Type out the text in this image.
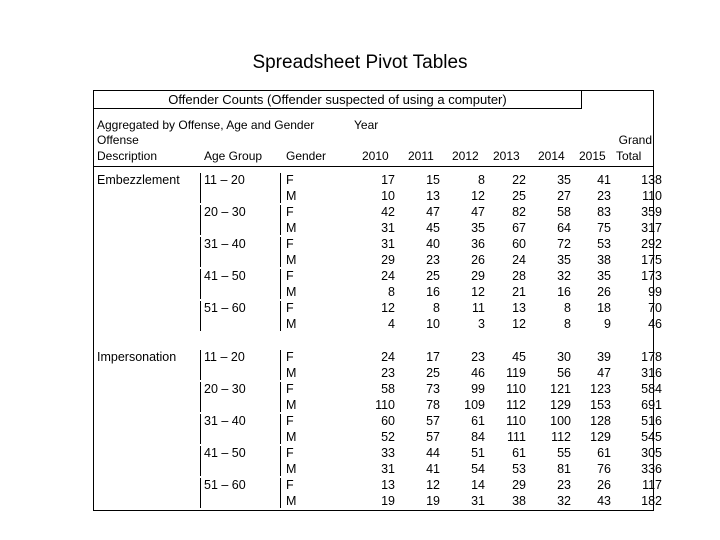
Spreadsheet Pivot Tables
Offender Counts (Offender suspected of using a computer)
Aggregated by Offense, Age and Gender
Offense
Description	Age Group Gender
Year
2010 2011 2012 2013 2014 2015
Grand
Total
Embezzlement 11 – 20	F	17	15	8	22	35	41	138
M	10	13	12	25	27	23	110
20 – 30	F	42	47	47	82	58	83	359
M	31	45	35	67	64	75	317
31 – 40	F	31	40	36	60	72	53	292
M	29	23	26	24	35	38	175
41 – 50	F	24	25	29	28	32	35	173
M	8	16	12	21	16	26	99
51 – 60	F	12	8	11	13	8	18	70
M	4	10	3	12	8	9	46
Impersonation 11 – 20	F	24	17	23	45	30	39	178
M	23	25	46	119	56	47	316
20 – 30	F	58	73	99	110	121	123	584
M	110	78	109	112	129	153	691
31 – 40	F	60	57	61	110	100	128	516
M	52	57	84	111	112	129	545
41 – 50	F	33	44	51	61	55	61	305
M	31	41	54	53	81	76	336
51 – 60	F	13	12	14	29	23	26	117
M	19	19	31	38	32	43	182
